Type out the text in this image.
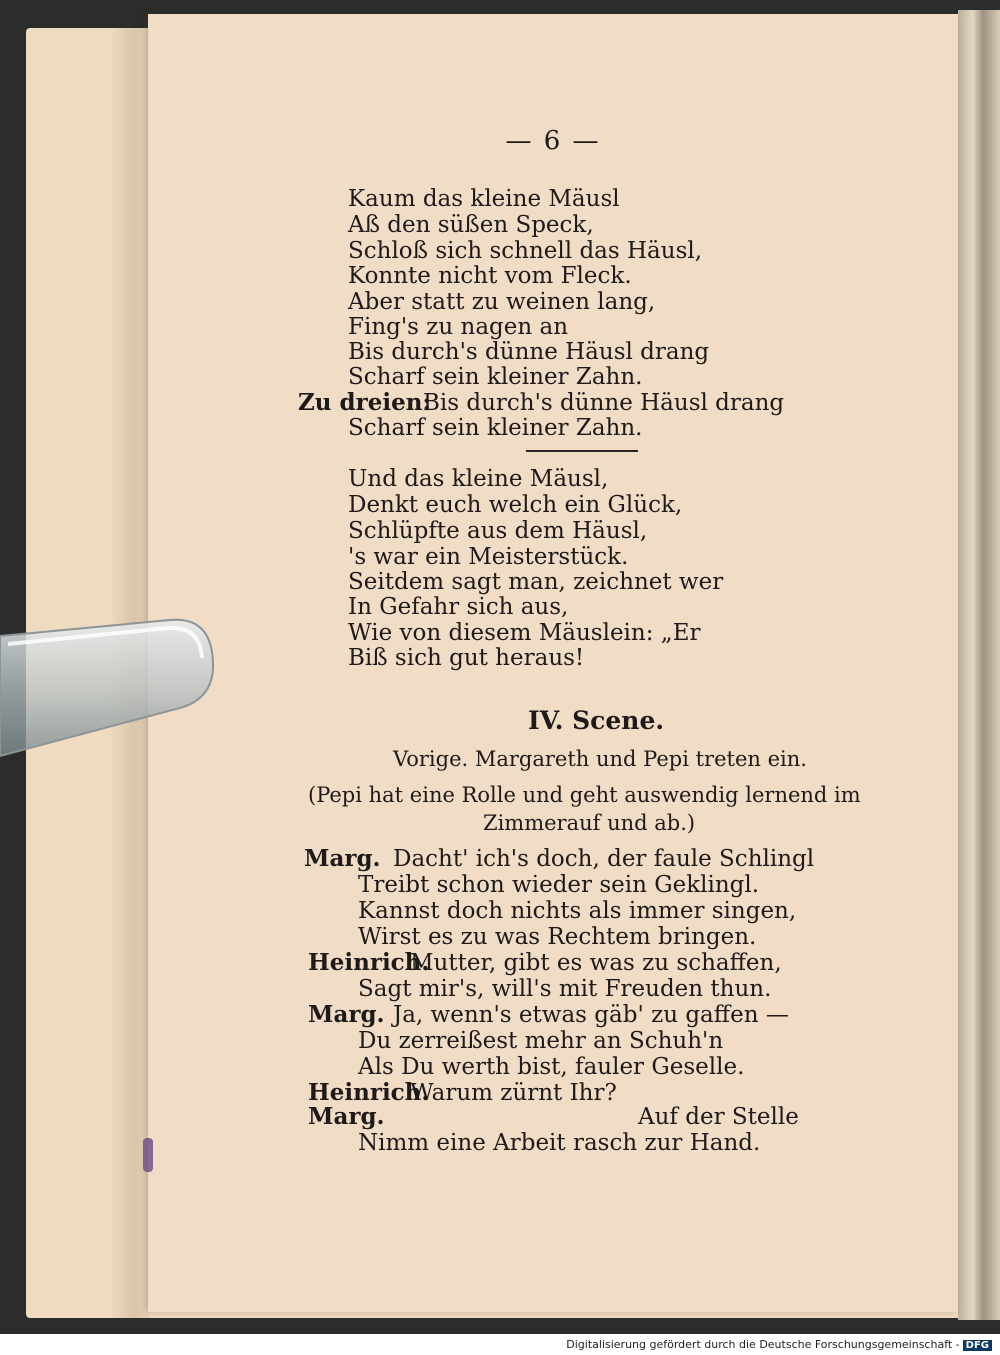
— 6 —
Kaum das kleine Mäusl
Aß den süßen Speck,
Schloß sich schnell das Häusl,
Konnte nicht vom Fleck.
Aber statt zu weinen lang,
Fing's zu nagen an
Bis durch's dünne Häusl drang
Scharf sein kleiner Zahn.
Zu dreien:
Bis durch's dünne Häusl drang
Scharf sein kleiner Zahn.
Und das kleine Mäusl,
Denkt euch welch ein Glück,
Schlüpfte aus dem Häusl,
's war ein Meisterstück.
Seitdem sagt man, zeichnet wer
In Gefahr sich aus,
Wie von diesem Mäuslein: „Er
Biß sich gut heraus!
IV. Scene.
Vorige. Margareth und Pepi treten ein.
(Pepi hat eine Rolle und geht auswendig lernend im
Zimmerauf und ab.)
Marg. Dacht' ich's doch, der faule Schlingl
Treibt schon wieder sein Geklingl.
Kannst doch nichts als immer singen,
Wirst es zu was Rechtem bringen.
Heinrich.
Mutter, gibt es was zu schaffen,
Sagt mir's, will's mit Freuden thun.
Marg. Ja, wenn's etwas gäb' zu gaffen —
Du zerreißest mehr an Schuh'n
Als Du werth bist, fauler Geselle.
Heinrich.
Warum zürnt Ihr?
Marg.	Auf der Stelle
Nimm eine Arbeit rasch zur Hand.
Digitalisierung gefördert durch die Deutsche Forschungsgemeinschaft - DFG
